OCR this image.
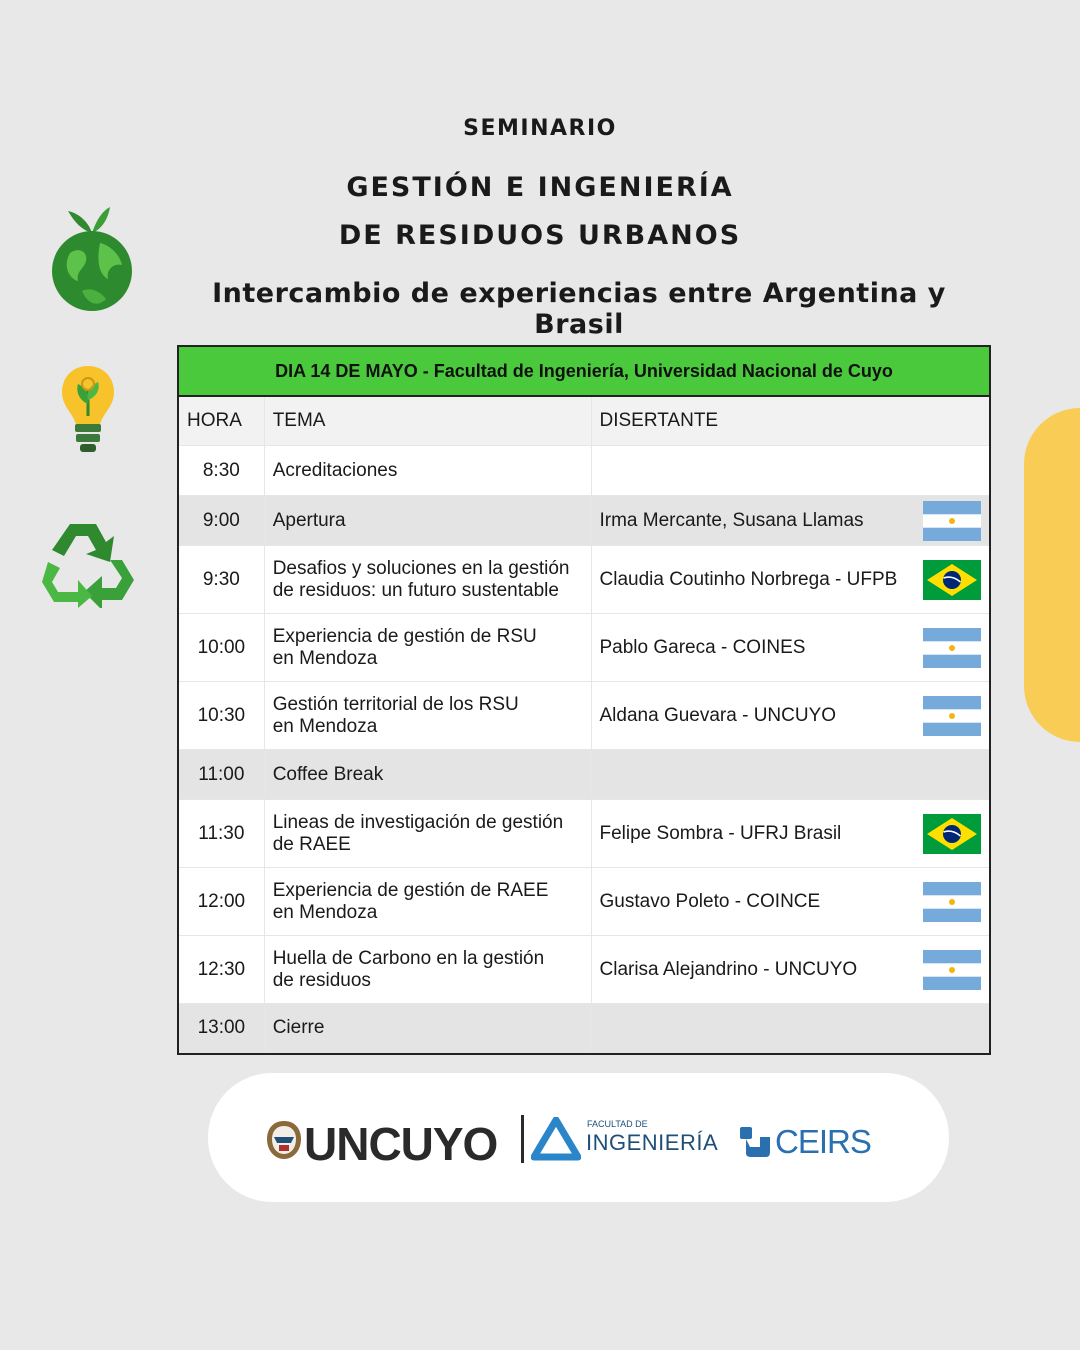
SEMINARIO
GESTIÓN E INGENIERÍA
DE RESIDUOS URBANOS
Intercambio de experiencias entre Argentina y Brasil
DIA 14 DE MAYO - Facultad de Ingeniería, Universidad Nacional de Cuyo		
HORA	TEMA	DISERTANTE
8:30	Acreditaciones	

9:00	Apertura	Irma Mercante, Susana Llamas

9:30	Desafios y soluciones en la gestión
de residuos: un futuro sustentable	Claudia Coutinho Norbrega - UFPB

10:00	Experiencia de gestión de RSU
en Mendoza	Pablo Gareca - COINES

10:30	Gestión territorial de los RSU
en Mendoza	Aldana Guevara - UNCUYO

11:00	Coffee Break	

11:30	Lineas de investigación de gestión
de RAEE	Felipe Sombra - UFRJ Brasil

12:00	Experiencia de gestión de RAEE
en Mendoza	Gustavo Poleto - COINCE

12:30	Huella de Carbono en la gestión
de residuos	Clarisa Alejandrino - UNCUYO

13:00	Cierre	

UNCUYO	FACULTAD DE
INGENIERÍA CEIRS
